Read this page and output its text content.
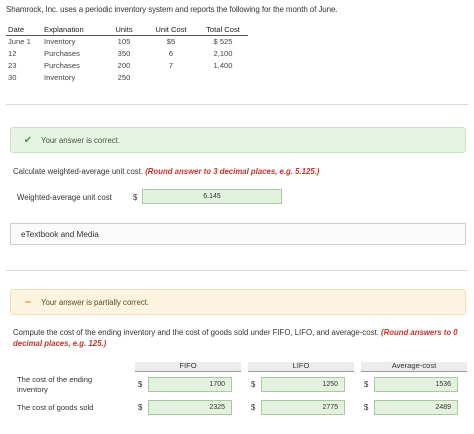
Shamrock, Inc. uses a periodic inventory system and reports the following for the month of June.
Date	Explanation	Units	Unit Cost	Total Cost
June 1	Inventory	105	$5	$ 525
12	Purchases	350	6	2,100
23	Purchases	200	7	1,400
30	Inventory	250		
✔	Your answer is correct.
Calculate weighted-average unit cost. (Round answer to 3 decimal places, e.g. 5.125.)
Weighted-average unit cost	$	6.145
eTextbook and Media
–	Your answer is partially correct.
Compute the cost of the ending inventory and the cost of goods sold under FIFO, LIFO, and average-cost. (Round answers to 0
decimal places, e.g. 125.)
FIFO	LIFO	Average-cost
The cost of the ending
inventory
$	1700	$	1250	$	1536
The cost of goods sold	$	2325	$	2775	$	2489
